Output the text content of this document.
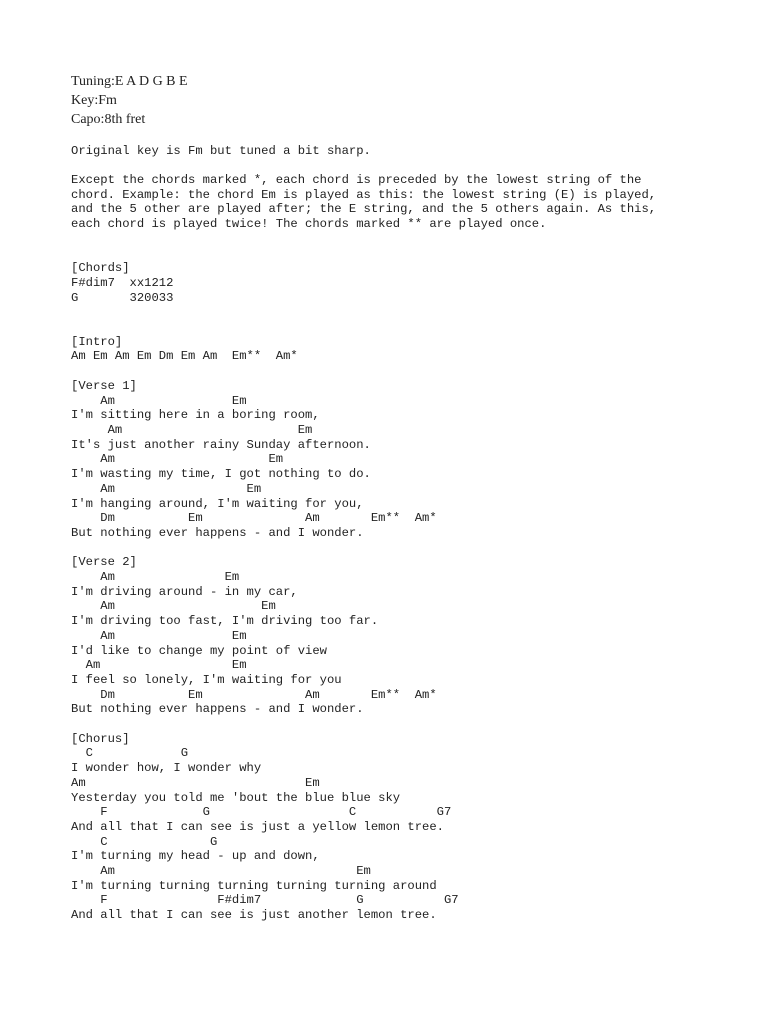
Tuning:E A D G B E
Key:Fm
Capo:8th fret
Original key is Fm but tuned a bit sharp.
Except the chords marked *, each chord is preceded by the lowest string of the
chord. Example: the chord Em is played as this: the lowest string (E) is played,
and the 5 other are played after; the E string, and the 5 others again. As this,
each chord is played twice! The chords marked ** are played once.
[Chords]
F#dim7  xx1212
G       320033
[Intro]
Am Em Am Em Dm Em Am  Em**  Am*
[Verse 1]
Am                Em
I'm sitting here in a boring room,
Am                        Em
It's just another rainy Sunday afternoon.
Am                     Em
I'm wasting my time, I got nothing to do.
Am                  Em
I'm hanging around, I'm waiting for you,
Dm          Em              Am       Em**  Am*
But nothing ever happens - and I wonder.
[Verse 2]
Am               Em
I'm driving around - in my car,
Am                    Em
I'm driving too fast, I'm driving too far.
Am                Em
I'd like to change my point of view
Am                  Em
I feel so lonely, I'm waiting for you
Dm          Em              Am       Em**  Am*
But nothing ever happens - and I wonder.
[Chorus]
C            G
I wonder how, I wonder why
Am                              Em
Yesterday you told me 'bout the blue blue sky
F             G                   C           G7
And all that I can see is just a yellow lemon tree.
C              G
I'm turning my head - up and down,
Am                                 Em
I'm turning turning turning turning turning around
F               F#dim7             G           G7
And all that I can see is just another lemon tree.
